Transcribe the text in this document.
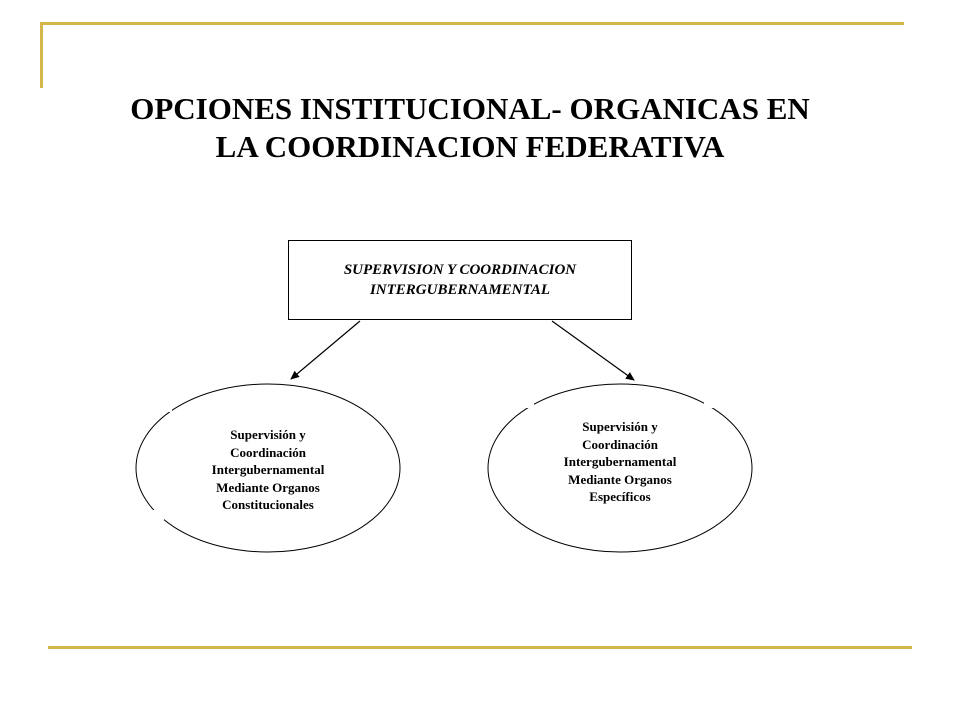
OPCIONES INSTITUCIONAL- ORGANICAS EN
LA COORDINACION FEDERATIVA
SUPERVISION Y COORDINACION
INTERGUBERNAMENTAL
Supervisión y
Coordinación
Intergubernamental
Mediante Organos
Constitucionales
Supervisión y
Coordinación
Intergubernamental
Mediante Organos
Específicos
